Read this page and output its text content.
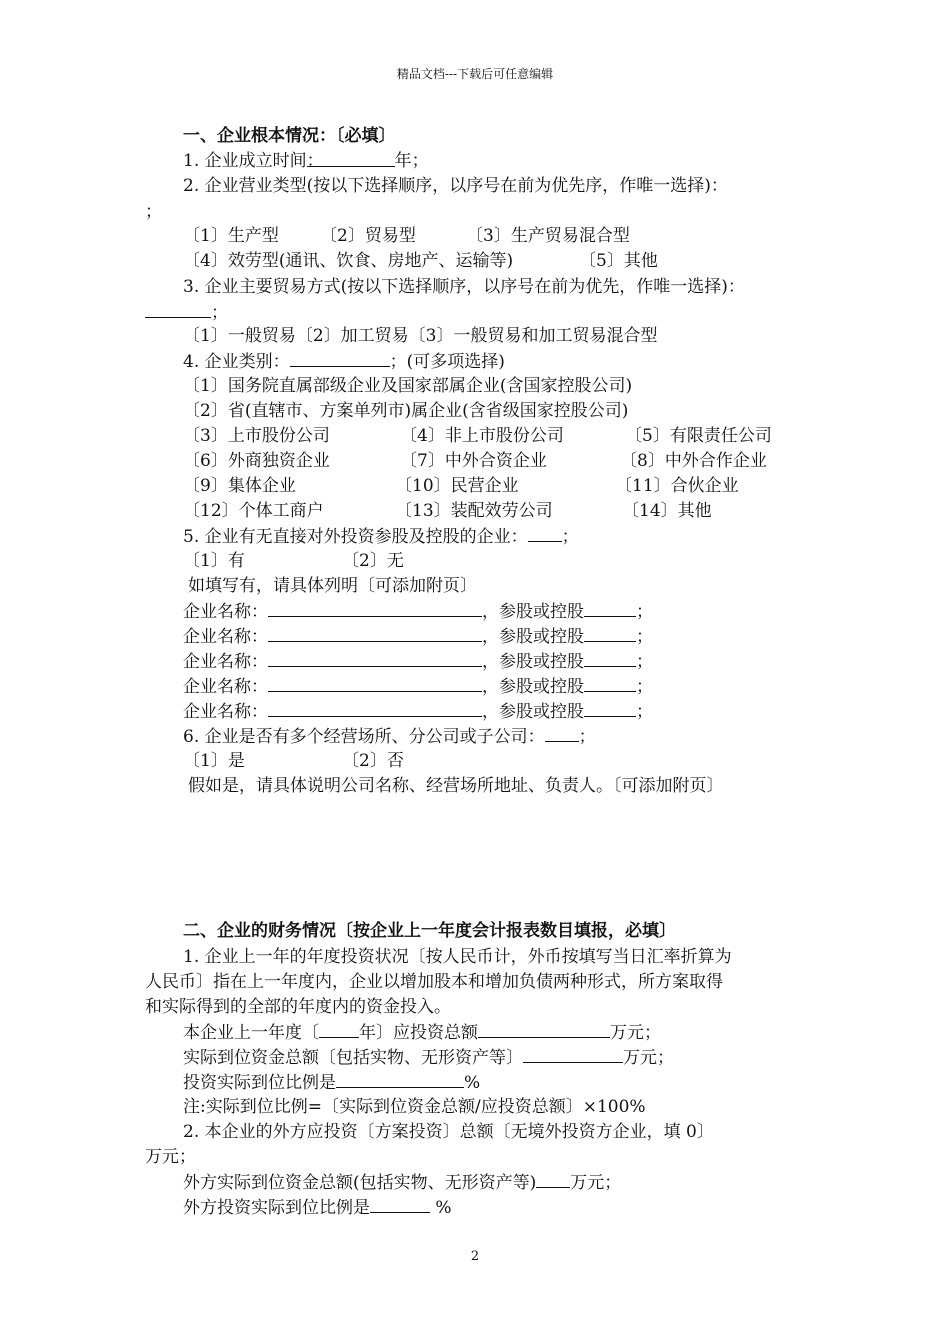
精品文档---下载后可任意编辑
一、企业根本情况：〔必填〕
1. 企业成立时间：	年；
2. 企业营业类型(按以下选择顺序，以序号在前为优先序，作唯一选择)：
；
〔1〕生产型 〔2〕贸易型	〔3〕生产贸易混合型
〔4〕效劳型(通讯、饮食、房地产、运输等)	〔5〕其他
3. 企业主要贸易方式(按以下选择顺序，以序号在前为优先，作唯一选择)：
；
〔1〕一般贸易〔2〕加工贸易〔3〕一般贸易和加工贸易混合型
4. 企业类别：	；(可多项选择)
〔1〕国务院直属部级企业及国家部属企业(含国家控股公司)
〔2〕省(直辖市、方案单列市)属企业(含省级国家控股公司)
〔3〕上市股份公司	〔4〕非上市股份公司	〔5〕有限责任公司
〔6〕外商独资企业	〔7〕中外合资企业	〔8〕中外合作企业
〔9〕集体企业	〔10〕民营企业	〔11〕合伙企业
〔12〕个体工商户	〔13〕装配效劳公司	〔14〕其他
5. 企业有无直接对外投资参股及控股的企业： ；
〔1〕有	〔2〕无
如填写有，请具体列明〔可添加附页〕
企业名称：	，参股或控股	；
企业名称：	，参股或控股	；
企业名称：	，参股或控股	；
企业名称：	，参股或控股	；
企业名称：	，参股或控股	；
6. 企业是否有多个经营场所、分公司或子公司： ；
〔1〕是	〔2〕否
假如是，请具体说明公司名称、经营场所地址、负责人。〔可添加附页〕
二、企业的财务情况〔按企业上一年度会计报表数目填报，必填〕
1. 企业上一年的年度投资状况〔按人民币计，外币按填写当日汇率折算为
人民币〕指在上一年度内，企业以增加股本和增加负债两种形式，所方案取得
和实际得到的全部的年度内的资金投入。
本企业上一年度〔 年〕应投资总额	万元；
实际到位资金总额〔包括实物、无形资产等〕	万元；
投资实际到位比例是	%
注:实际到位比例=〔实际到位资金总额/应投资总额〕×100%
2. 本企业的外方应投资〔方案投资〕总额〔无境外投资方企业，填 0〕
万元；
外方实际到位资金总额(包括实物、无形资产等) 万元；
外方投资实际到位比例是	%
2
